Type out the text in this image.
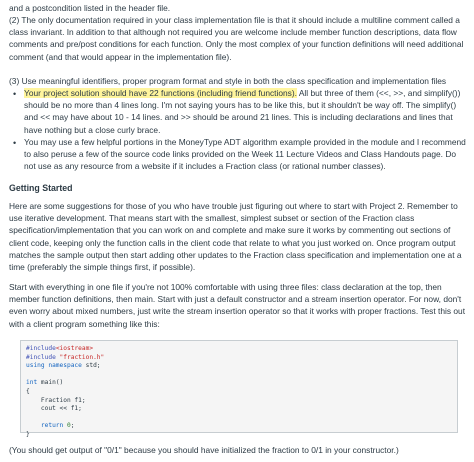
and a postcondition listed in the header file.

(2) The only documentation required in your class implementation file is that it should include a multiline comment called a class invariant. In addition to that although not required you are welcome include member function descriptions, data flow comments and pre/post conditions for each function. Only the most complex of your function definitions will need additional comment (and that would appear in the implementation file).

(3) Use meaningful identifiers, proper program format and style in both the class specification and implementation files

• Your project solution should have 22 functions (including friend functions). All but three of them (<<, >>, and simplify()) should be no more than 4 lines long. I'm not saying yours has to be like this, but it shouldn't be way off. The simplify() and << may have about 10 - 14 lines. and >> should be around 21 lines. This is including declarations and lines that have nothing but a close curly brace.

• You may use a few helpful portions in the MoneyType ADT algorithm example provided in the module and I recommend to also peruse a few of the source code links provided on the Week 11 Lecture Videos and Class Handouts page. Do not use as any resource from a website if it includes a Fraction class (or rational number classes).

Getting Started

Here are some suggestions for those of you who have trouble just figuring out where to start with Project 2. Remember to use iterative development. That means start with the smallest, simplest subset or section of the Fraction class specification/implementation that you can work on and complete and make sure it works by commenting out sections of client code, keeping only the function calls in the client code that relate to what you just worked on. Once program output matches the sample output then start adding other updates to the Fraction class specification and implementation one at a time (preferably the simple things first, if possible).

Start with everything in one file if you're not 100% comfortable with using three files: class declaration at the top, then member function definitions, then main. Start with just a default constructor and a stream insertion operator. For now, don't even worry about mixed numbers, just write the stream insertion operator so that it works with proper fractions. Test this out with a client program something like this:

#include<iostream>
#include "fraction.h"
using namespace std;
int main()
{
Fraction f1;
cout << f1;
return 0;
}

(You should get output of "0/1" because you should have initialized the fraction to 0/1 in your constructor.)
